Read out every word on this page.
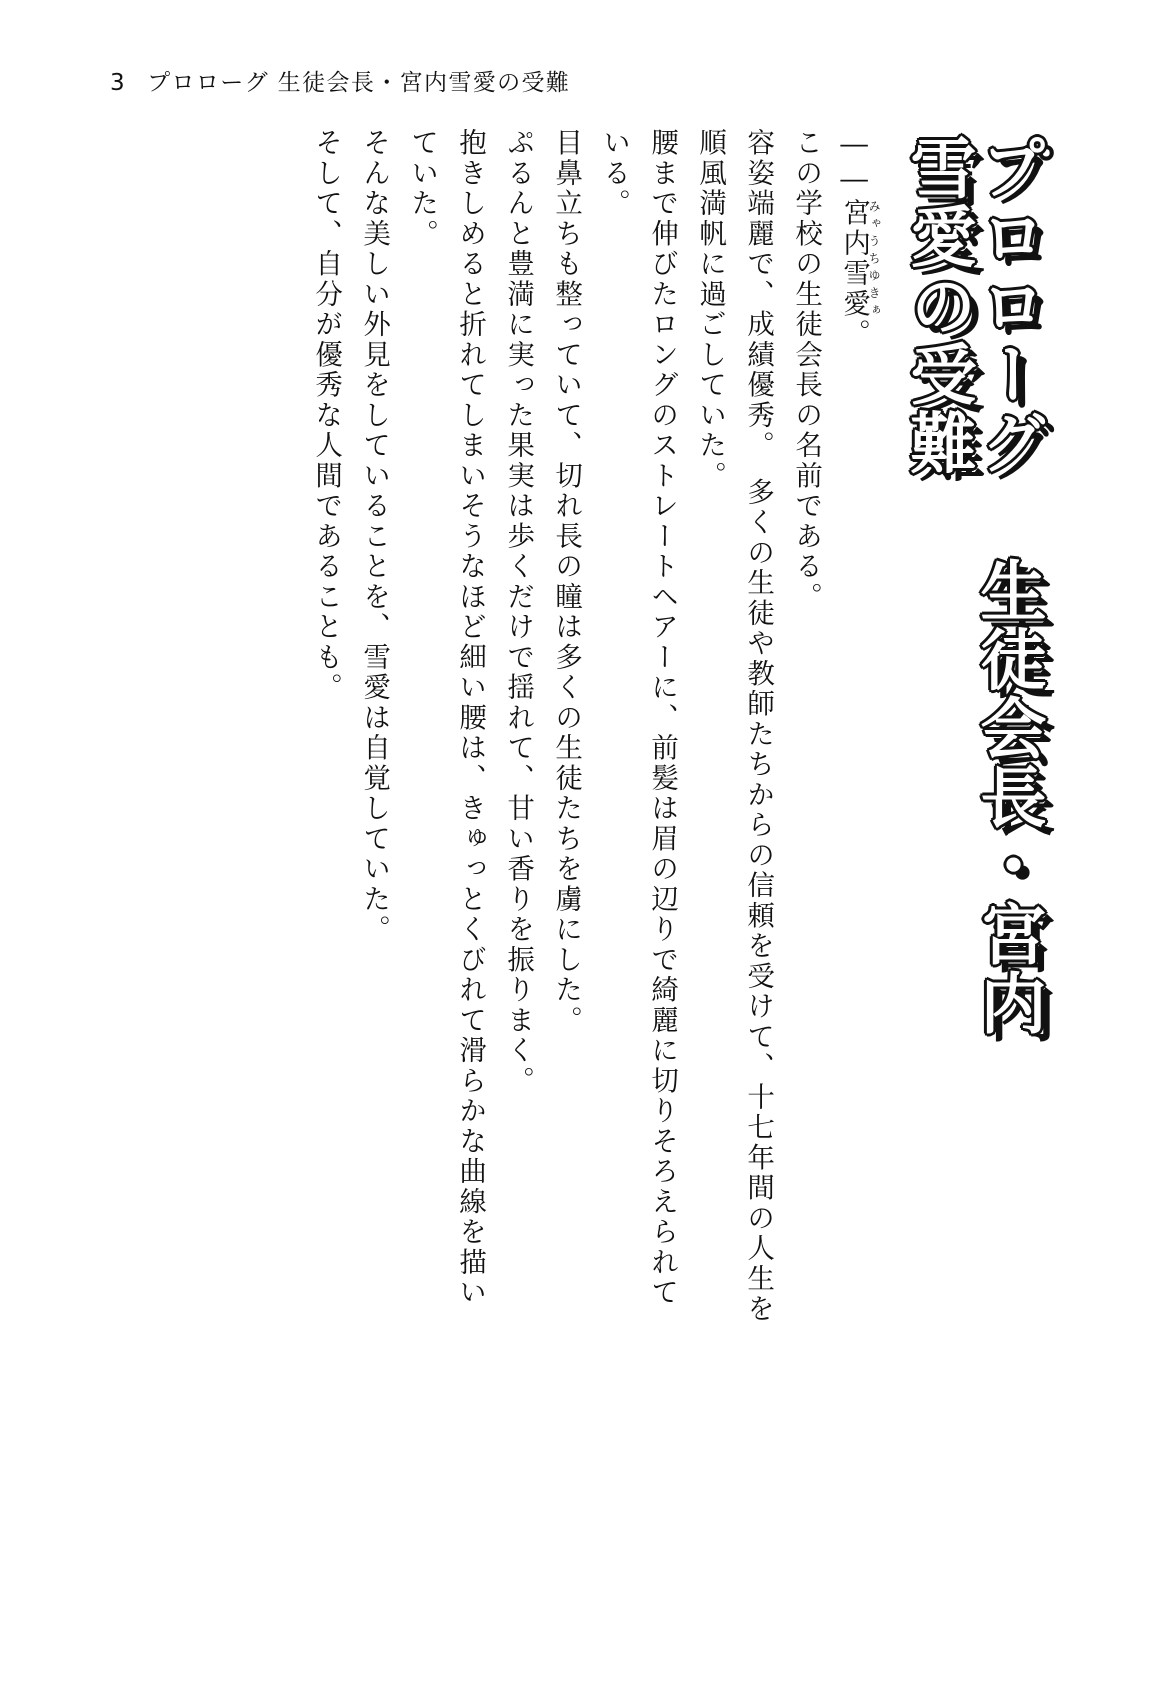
3 プロローグ 生徒会長・宮内雪愛の受難
プロローグ 生徒会長・宮内雪愛の受難
――宮内雪愛みゃうちゆきぁ。
この学校の生徒会長の名前である。
容姿端麗で、成績優秀。　多くの生徒や教師たちからの信頼を受けて、十七年間の人生を
順風満帆に過ごしていた。
腰まで伸びたロングのストレートヘアーに、前髪は眉の辺りで綺麗に切りそろえられて
いる。
目鼻立ちも整っていて、切れ長の瞳は多くの生徒たちを虜にした。
ぷるんと豊満に実った果実は歩くだけで揺れて、甘い香りを振りまく。
抱きしめると折れてしまいそうなほど細い腰は、きゅっとくびれて滑らかな曲線を描い
ていた。
そんな美しい外見をしていることを、雪愛は自覚していた。
そして、自分が優秀な人間であることも。
